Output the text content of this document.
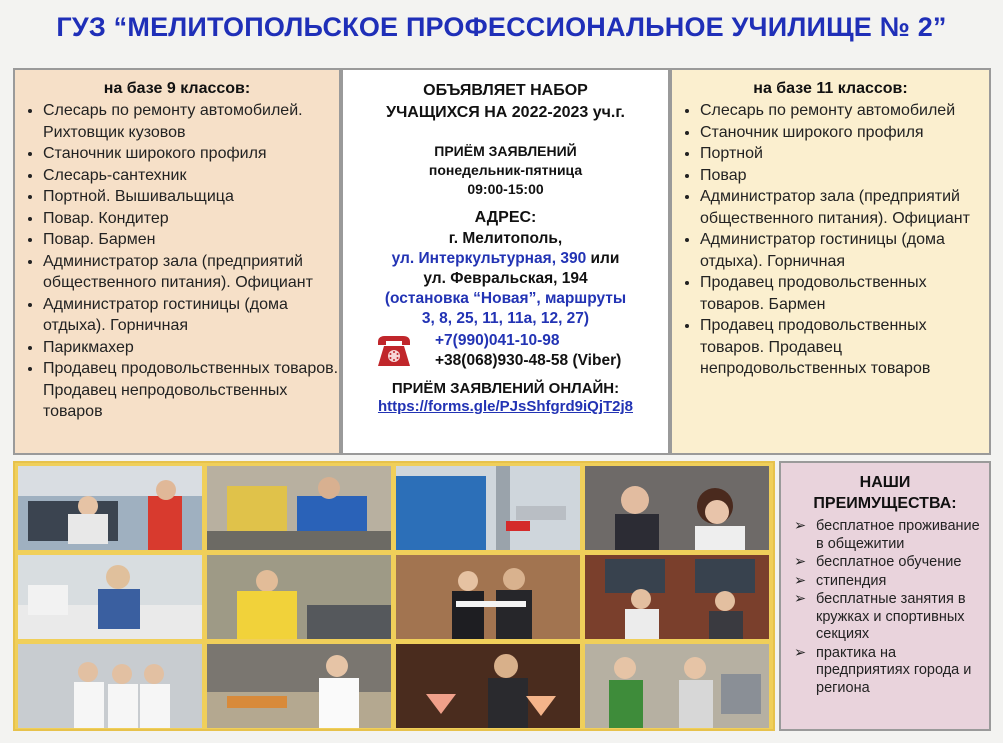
ГУЗ “МЕЛИТОПОЛЬСКОЕ ПРОФЕССИОНАЛЬНОЕ УЧИЛИЩЕ № 2”
на базе 9 классов:
• Слесарь по ремонту автомобилей. Рихтовщик кузовов
• Станочник широкого профиля
• Слесарь-сантехник
• Портной. Вышивальщица
• Повар. Кондитер
• Повар. Бармен
• Администратор зала (предприятий общественного питания). Официант
• Администратор гостиницы (дома отдыха). Горничная
• Парикмахер
• Продавец продовольственных товаров. Продавец непродовольственных товаров
ОБЪЯВЛЯЕТ НАБОР
УЧАЩИХСЯ НА 2022-2023 уч.г.
ПРИЁМ ЗАЯВЛЕНИЙ
понедельник-пятница
09:00-15:00
АДРЕС:
г. Мелитополь,
ул. Интеркультурная, 390 или
ул. Февральская, 194
(остановка “Новая”, маршруты
3, 8, 25, 11, 11а, 12, 27)
+7(990)041-10-98
+38(068)930-48-58 (Viber)
ПРИЁМ ЗАЯВЛЕНИЙ ОНЛАЙН:
https://forms.gle/PJsShfgrd9iQjT2j8
на базе 11 классов:
• Слесарь по ремонту автомобилей
• Станочник широкого профиля
• Портной
• Повар
• Администратор зала (предприятий общественного питания). Официант
• Администратор гостиницы (дома отдыха). Горничная
• Продавец продовольственных товаров. Бармен
• Продавец продовольственных товаров. Продавец непродовольственных товаров
НАШИ
ПРЕИМУЩЕСТВА:
➢ бесплатное проживание в общежитии
➢ бесплатное обучение
➢ стипендия
➢ бесплатные занятия в кружках и спортивных секциях
➢ практика на предприятиях города и региона
